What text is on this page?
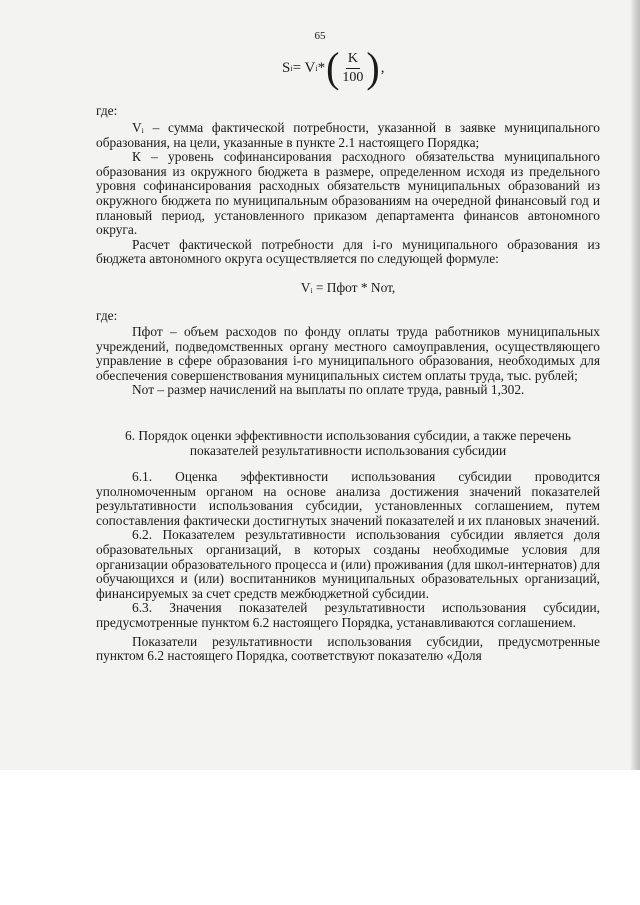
65
S i = V i * ( $\frac{K}{100}$ ) ,

где:

Vᵢ – сумма фактической потребности, указанной в заявке муниципального образования, на цели, указанные в пункте 2.1 настоящего Порядка;

К – уровень софинансирования расходного обязательства муниципального образования из окружного бюджета в размере, определенном исходя из предельного уровня софинансирования расходных обязательств муниципальных образований из окружного бюджета по муниципальным образованиям на очередной финансовый год и плановый период, установленного приказом департамента финансов автономного округа.

Расчет фактической потребности для i-го муниципального образования из бюджета автономного округа осуществляется по следующей формуле:

Vᵢ = Пфот * Nот,

где:

Пфот – объем расходов по фонду оплаты труда работников муниципальных учреждений, подведомственных органу местного самоуправления, осуществляющего управление в сфере образования i-го муниципального образования, необходимых для обеспечения совершенствования муниципальных систем оплаты труда, тыс. рублей;

Nот – размер начислений на выплаты по оплате труда, равный 1,302.

6. Порядок оценки эффективности использования субсидии, а также перечень

показателей результативности использования субсидии

6.1. Оценка эффективности использования субсидии проводится уполномоченным органом на основе анализа достижения значений показателей результативности использования субсидии, установленных соглашением, путем сопоставления фактически достигнутых значений показателей и их плановых значений.

6.2. Показателем результативности использования субсидии является доля образовательных организаций, в которых созданы необходимые условия для организации образовательного процесса и (или) проживания (для школ-интернатов) для обучающихся и (или) воспитанников муниципальных образовательных организаций, финансируемых за счет средств межбюджетной субсидии.

6.3. Значения показателей результативности использования субсидии, предусмотренные пунктом 6.2 настоящего Порядка, устанавливаются соглашением.

Показатели результативности использования субсидии, предусмотренные пунктом 6.2 настоящего Порядка, соответствуют показателю «Доля
